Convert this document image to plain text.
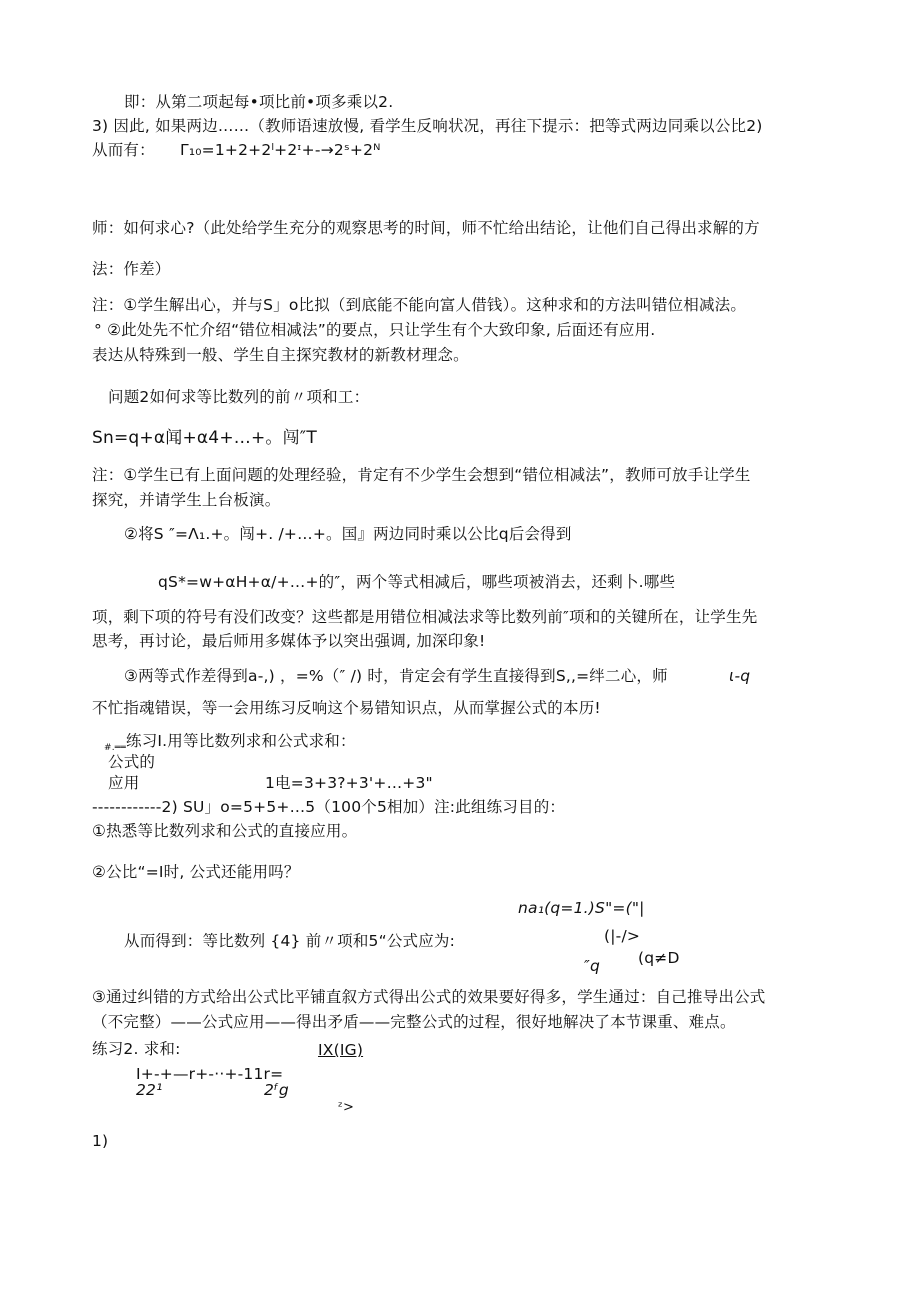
即：从第二项起每•项比前•项多乘以2.
3) 因此, 如果两边……（教师语速放慢, 看学生反响状况，再往下提示：把等式两边同乘以公比2)
从而有： Γ₁₀=1+2+2ˡ+2ᶦ+-→2ˢ+2ᴺ
师：如何求心?（此处给学生充分的观察思考的时间，师不忙给出结论，让他们自己得出求解的方
法：作差）
注：①学生解出心，并与S」o比拟（到底能不能向富人借钱）。这种求和的方法叫错位相减法。
° ②此处先不忙介绍“错位相减法”的要点，只让学生有个大致印象, 后面还有应用.
表达从特殊到一般、学生自主探究教材的新教材理念。
问题2如何求等比数列的前〃项和工：
Sn=q+α闻+α4+…+。闯″T
注：①学生已有上面问题的处理经验，肯定有不少学生会想到“错位相减法”，教师可放手让学生
探究，并请学生上台板演。
②将S ″=Λ₁.+。闯+. /+…+。国』两边同时乘以公比q后会得到
qS*=w+αH+α/+…+的″，两个等式相减后，哪些项被消去，还剩卜.哪些
项，剩下项的符号有没们改变？这些都是用错位相减法求等比数列前″项和的关键所在，让学生先
思考，再讨论，最后师用多媒体予以突出强调, 加深印象!
③两等式作差得到a-,) ，=%（″ /) 时，肯定会有学生直接得到S,,=绊二心，师	ι-q
不忙指魂错误，等一会用练习反响这个易错知识点，从而掌握公式的本历!
#.══ 练习Ⅰ.用等比数列求和公式求和：
公式的
应用	1电=3+3?+3'+…+3"
------------2) SU」o=5+5+…5（100个5相加）注:此组练习目的：
①热悉等比数列求和公式的直接应用。
②公比“=Ⅰ时, 公式还能用吗？
na₁(q=1.)S"=("|
从而得到：等比数列 {4} 前〃项和5“公式应为:	(|-/>
″q (q≠D
③通过纠错的方式给出公式比平铺直叙方式得出公式的效果要好得多，学生通过：自己推导出公式
（不完整）——公式应用——得出矛盾——完整公式的过程，很好地解决了本节课重、难点。
练习2. 求和:	IX(IG)
I+-+—r+-··+-11r=
22¹	2ᶠg
ᶻ>
1)
